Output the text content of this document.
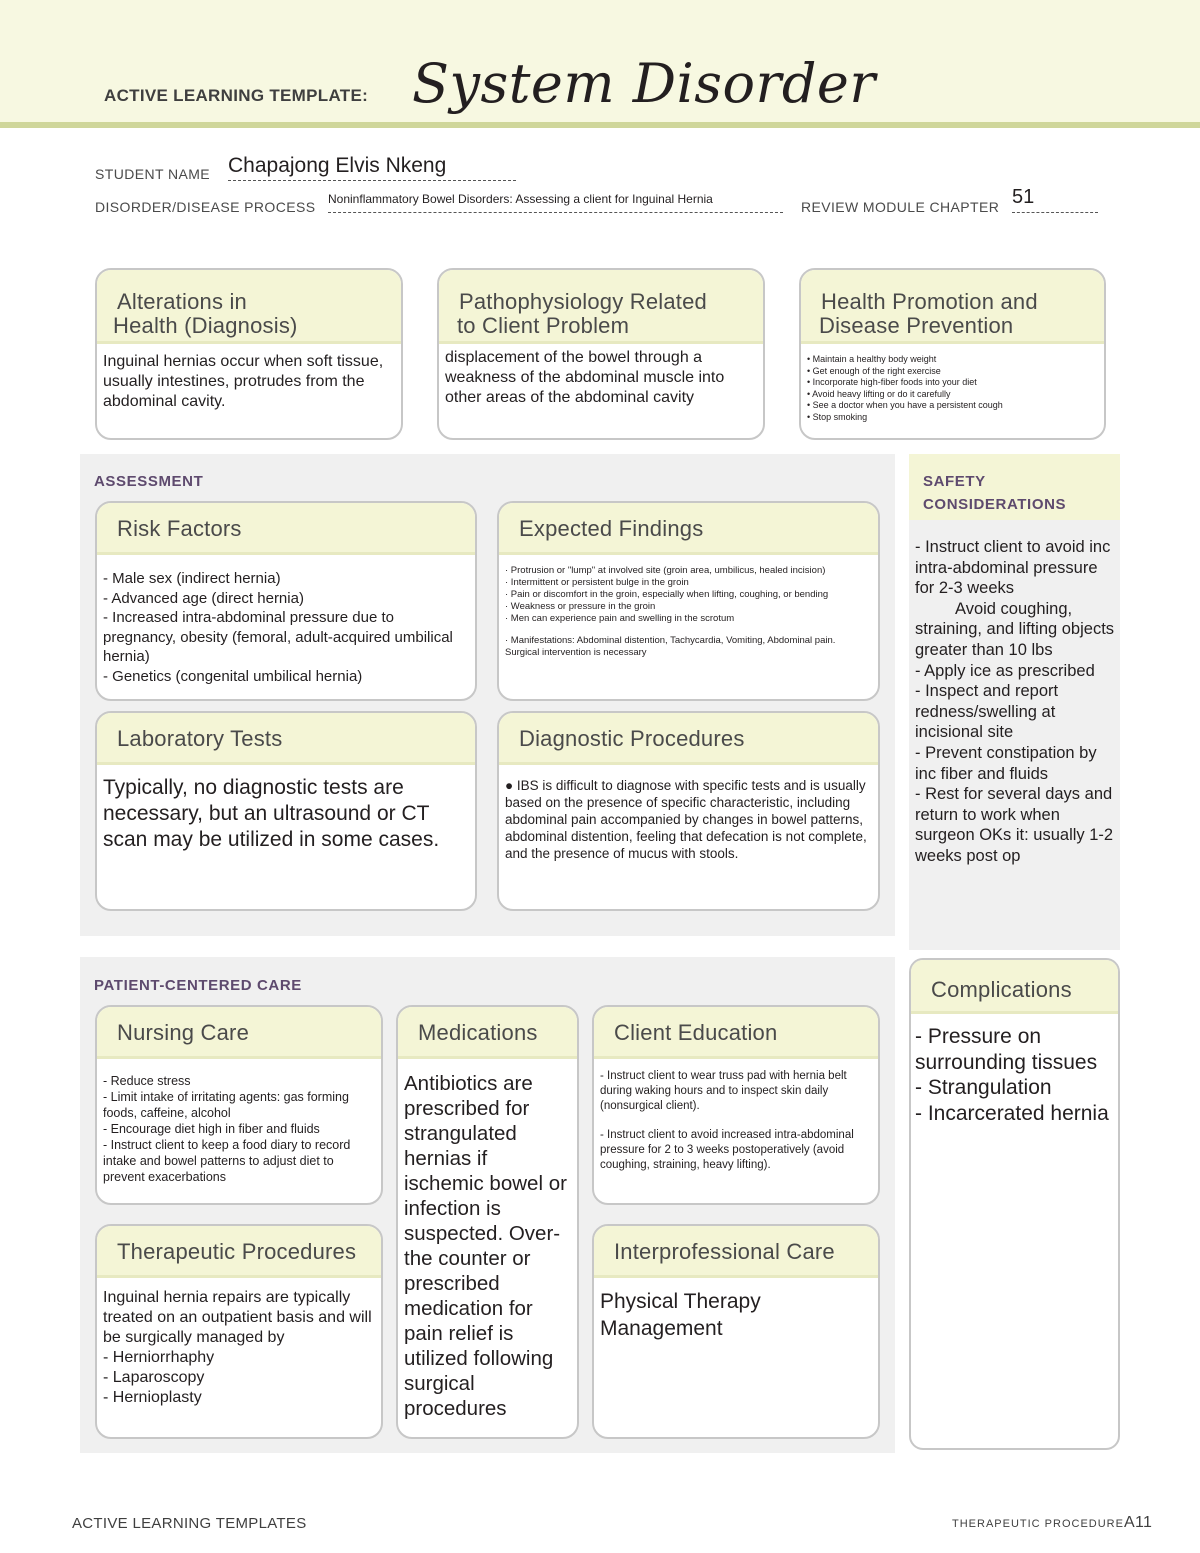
ACTIVE LEARNING TEMPLATE: System Disorder
STUDENT NAME Chapajong Elvis Nkeng
DISORDER/DISEASE PROCESS Noninflammatory Bowel Disorders: Assessing a client for Inguinal Hernia	REVIEW MODULE CHAPTER 51
Alterations in
Health (Diagnosis)
Inguinal hernias occur when soft tissue, usually intestines, protrudes from the abdominal cavity.
Pathophysiology Related
to Client Problem
displacement of the bowel through a weakness of the abdominal muscle into other areas of the abdominal cavity
Health Promotion and
Disease Prevention
• Maintain a healthy body weight
• Get enough of the right exercise
• Incorporate high-fiber foods into your diet
• Avoid heavy lifting or do it carefully
• See a doctor when you have a persistent cough
• Stop smoking
ASSESSMENT
Risk Factors
- Male sex (indirect hernia)
- Advanced age (direct hernia)
- Increased intra-abdominal pressure due to pregnancy, obesity (femoral, adult-acquired umbilical hernia)
- Genetics (congenital umbilical hernia)
Expected Findings
· Protrusion or "lump" at involved site (groin area, umbilicus, healed incision)
· Intermittent or persistent bulge in the groin
· Pain or discomfort in the groin, especially when lifting, coughing, or bending
· Weakness or pressure in the groin
· Men can experience pain and swelling in the scrotum
· Manifestations: Abdominal distention, Tachycardia, Vomiting, Abdominal pain. Surgical intervention is necessary
Laboratory Tests
Typically, no diagnostic tests are necessary, but an ultrasound or CT scan may be utilized in some cases.
Diagnostic Procedures
● IBS is difficult to diagnose with specific tests and is usually based on the presence of specific characteristic, including abdominal pain accompanied by changes in bowel patterns, abdominal distention, feeling that defecation is not complete, and the presence of mucus with stools.
SAFETY
CONSIDERATIONS
- Instruct client to avoid inc intra-abdominal pressure for 2-3 weeks
Avoid coughing, straining, and lifting objects greater than 10 lbs
- Apply ice as prescribed
- Inspect and report redness/swelling at incisional site
- Prevent constipation by inc fiber and fluids
- Rest for several days and return to work when surgeon OKs it: usually 1-2 weeks post op
PATIENT-CENTERED CARE
Nursing Care
- Reduce stress
- Limit intake of irritating agents: gas forming foods, caffeine, alcohol
- Encourage diet high in fiber and fluids
- Instruct client to keep a food diary to record intake and bowel patterns to adjust diet to prevent exacerbations
Medications
Antibiotics are prescribed for strangulated hernias if ischemic bowel or infection is suspected. Over-the counter or prescribed medication for pain relief is utilized following surgical procedures
Client Education
- Instruct client to wear truss pad with hernia belt during waking hours and to inspect skin daily (nonsurgical client).
- Instruct client to avoid increased intra-abdominal pressure for 2 to 3 weeks postoperatively (avoid coughing, straining, heavy lifting).
Therapeutic Procedures
Inguinal hernia repairs are typically treated on an outpatient basis and will be surgically managed by
- Herniorrhaphy
- Laparoscopy
- Hernioplasty
Interprofessional Care
Physical Therapy Management
Complications
- Pressure on surrounding tissues
- Strangulation
- Incarcerated hernia
ACTIVE LEARNING TEMPLATES	THERAPEUTIC PROCEDURE A11
